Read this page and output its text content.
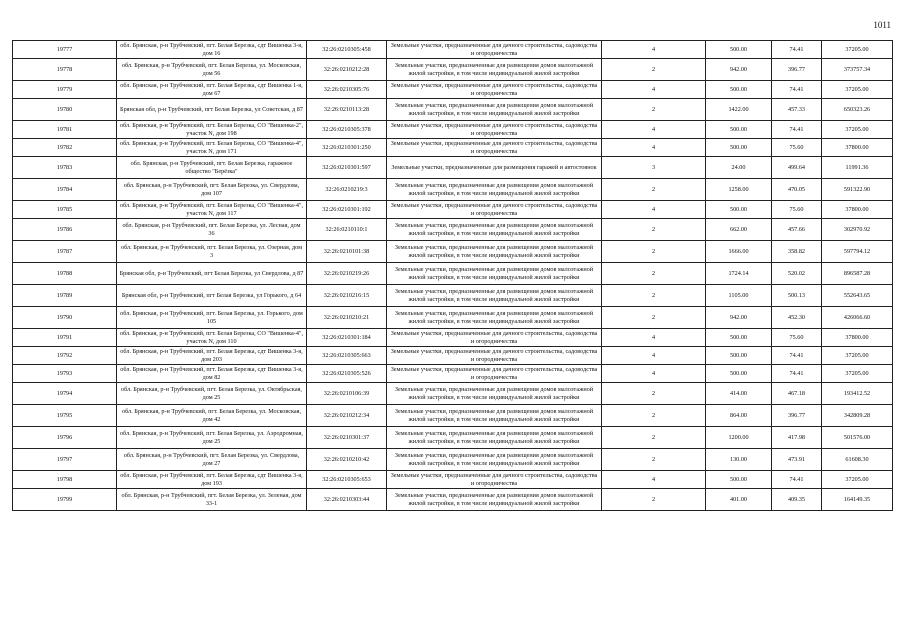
1011
19777	обл. Брянская, р-н Трубчевский, пгт. Белая Березка, сдт Вишенка 3-я, дом 16	32:26:0210305:458	Земельные участки, предназначенные для дачного строительства, садоводства и огородничества	4	500.00	74.41	37205.00
19778	обл. Брянская, р-н Трубчевский, пгт. Белая Березка, ул. Московская, дом 56	32:26:0210212:28	Земельные участки, предназначенные для размещения домов малоэтажной жилой застройки, в том числе индивидуальной жилой застройки	2	942.00	396.77	373757.34
19779	обл. Брянская, р-н Трубчевский, пгт. Белая Березка, сдт Вишенка 1-я, дом 67	32:26:0210305:76	Земельные участки, предназначенные для дачного строительства, садоводства и огородничества	4	500.00	74.41	37205.00
19780	Брянская обл, р-н Трубчевский, пгт Белая Березка, ул Советская, д 87	32:26:0210113:28	Земельные участки, предназначенные для размещения домов малоэтажной жилой застройки, в том числе индивидуальной жилой застройки	2	1422.00	457.33	650323.26
19781	обл. Брянская, р-н Трубчевский, пгт. Белая Березка, СО "Вишенка-2", участок N, дом 198	32:26:0210305:378	Земельные участки, предназначенные для дачного строительства, садоводства и огородничества	4	500.00	74.41	37205.00
19782	обл. Брянская, р-н Трубчевский, пгт. Белая Березка, СО "Вишенка-4", участок N, дом 171	32:26:0210301:250	Земельные участки, предназначенные для дачного строительства, садоводства и огородничества	4	500.00	75.60	37800.00
19783	обл. Брянская, р-н Трубчевский, пгт. Белая Березка, гаражное общество "Берёзка"	32:26:0210301:597	Земельные участки, предназначенные для размещения гаражей и автостоянок	3	24.00	499.64	11991.36
19784	обл. Брянская, р-н Трубчевский, пгт. Белая Березка, ул. Свердлова, дом 107	32:26:0210219:3	Земельные участки, предназначенные для размещения домов малоэтажной жилой застройки, в том числе индивидуальной жилой застройки	2	1258.00	470.05	591322.90
19785	обл. Брянская, р-н Трубчевский, пгт. Белая Березка, СО "Вишенка-4", участок N, дом 117	32:26:0210301:192	Земельные участки, предназначенные для дачного строительства, садоводства и огородничества	4	500.00	75.60	37800.00
19786	обл. Брянская, р-н Трубчевский, пгт. Белая Березка, ул. Лесная, дом 36	32:26:0210110:1	Земельные участки, предназначенные для размещения домов малоэтажной жилой застройки, в том числе индивидуальной жилой застройки	2	662.00	457.66	302970.92
19787	обл. Брянская, р-н Трубчевский, пгт. Белая Березка, ул. Озерная, дом 3	32:26:0210101:38	Земельные участки, предназначенные для размещения домов малоэтажной жилой застройки, в том числе индивидуальной жилой застройки	2	1666.00	358.82	597794.12
19788	Брянская обл, р-н Трубчевский, пгт Белая Березка, ул Свердлова, д 87	32:26:0210219:26	Земельные участки, предназначенные для размещения домов малоэтажной жилой застройки, в том числе индивидуальной жилой застройки	2	1724.14	520.02	896587.28
19789	Брянская обл, р-н Трубчевский, пгт Белая Березка, ул Горького, д 64	32:26:0210216:15	Земельные участки, предназначенные для размещения домов малоэтажной жилой застройки, в том числе индивидуальной жилой застройки	2	1105.00	500.13	552643.65
19790	обл. Брянская, р-н Трубчевский, пгт. Белая Березка, ул. Горького, дом 105	32:26:0210210:21	Земельные участки, предназначенные для размещения домов малоэтажной жилой застройки, в том числе индивидуальной жилой застройки	2	942.00	452.30	426066.60
19791	обл. Брянская, р-н Трубчевский, пгт. Белая Березка, СО "Вишенка-4", участок N, дом 110	32:26:0210301:184	Земельные участки, предназначенные для дачного строительства, садоводства и огородничества	4	500.00	75.60	37800.00
19792	обл. Брянская, р-н Трубчевский, пгт. Белая Березка, сдт Вишенка 3-я, дом 203	32:26:0210305:663	Земельные участки, предназначенные для дачного строительства, садоводства и огородничества	4	500.00	74.41	37205.00
19793	обл. Брянская, р-н Трубчевский, пгт. Белая Березка, сдт Вишенка 3-я, дом 82	32:26:0210305:526	Земельные участки, предназначенные для дачного строительства, садоводства и огородничества	4	500.00	74.41	37205.00
19794	обл. Брянская, р-н Трубчевский, пгт. Белая Березка, ул. Октябрьская, дом 25	32:26:0210106:39	Земельные участки, предназначенные для размещения домов малоэтажной жилой застройки, в том числе индивидуальной жилой застройки	2	414.00	467.18	193412.52
19795	обл. Брянская, р-н Трубчевский, пгт. Белая Березка, ул. Московская, дом 42	32:26:0210212:34	Земельные участки, предназначенные для размещения домов малоэтажной жилой застройки, в том числе индивидуальной жилой застройки	2	864.00	396.77	342809.28
19796	обл. Брянская, р-н Трубчевский, пгт. Белая Березка, ул. Аэродромная, дом 25	32:26:0210301:37	Земельные участки, предназначенные для размещения домов малоэтажной жилой застройки, в том числе индивидуальной жилой застройки	2	1200.00	417.98	501576.00
19797	обл. Брянская, р-н Трубчевский, пгт. Белая Березка, ул. Свердлова, дом 27	32:26:0210210:42	Земельные участки, предназначенные для размещения домов малоэтажной жилой застройки, в том числе индивидуальной жилой застройки	2	130.00	473.91	61608.30
19798	обл. Брянская, р-н Трубчевский, пгт. Белая Березка, сдт Вишенка 3-я, дом 193	32:26:0210305:653	Земельные участки, предназначенные для дачного строительства, садоводства и огородничества	4	500.00	74.41	37205.00
19799	обл. Брянская, р-н Трубчевский, пгт. Белая Березка, ул. Зеленая, дом 33-1	32:26:0210303:44	Земельные участки, предназначенные для размещения домов малоэтажной жилой застройки, в том числе индивидуальной жилой застройки	2	401.00	409.35	164149.35
